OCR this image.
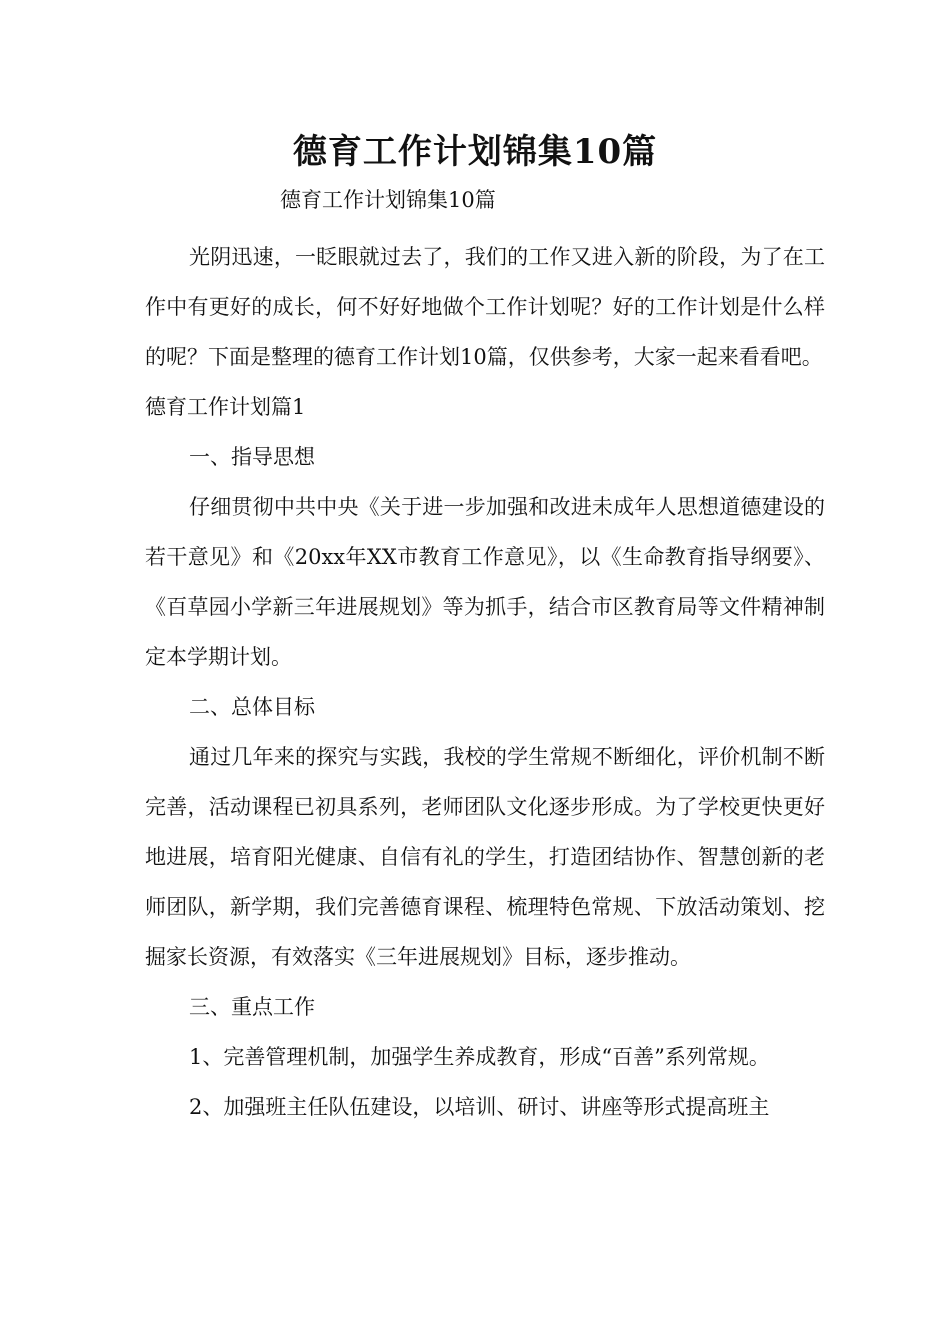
德育工作计划锦集10篇
德育工作计划锦集10篇

光阴迅速，一眨眼就过去了，我们的工作又进入新的阶段，为了在工作中有更好的成长，何不好好地做个工作计划呢？好的工作计划是什么样的呢？下面是整理的德育工作计划10篇，仅供参考，大家一起来看看吧。

德育工作计划篇1

一、指导思想

仔细贯彻中共中央《关于进一步加强和改进未成年人思想道德建设的若干意见》和《20xx年XX市教育工作意见》，以《生命教育指导纲要》、《百草园小学新三年进展规划》等为抓手，结合市区教育局等文件精神制定本学期计划。

二、总体目标

通过几年来的探究与实践，我校的学生常规不断细化，评价机制不断完善，活动课程已初具系列，老师团队文化逐步形成。为了学校更快更好地进展，培育阳光健康、自信有礼的学生，打造团结协作、智慧创新的老师团队，新学期，我们完善德育课程、梳理特色常规、下放活动策划、挖掘家长资源，有效落实《三年进展规划》目标，逐步推动。

三、重点工作

1、完善管理机制，加强学生养成教育，形成“百善”系列常规。

2、加强班主任队伍建设，以培训、研讨、讲座等形式提高班主
